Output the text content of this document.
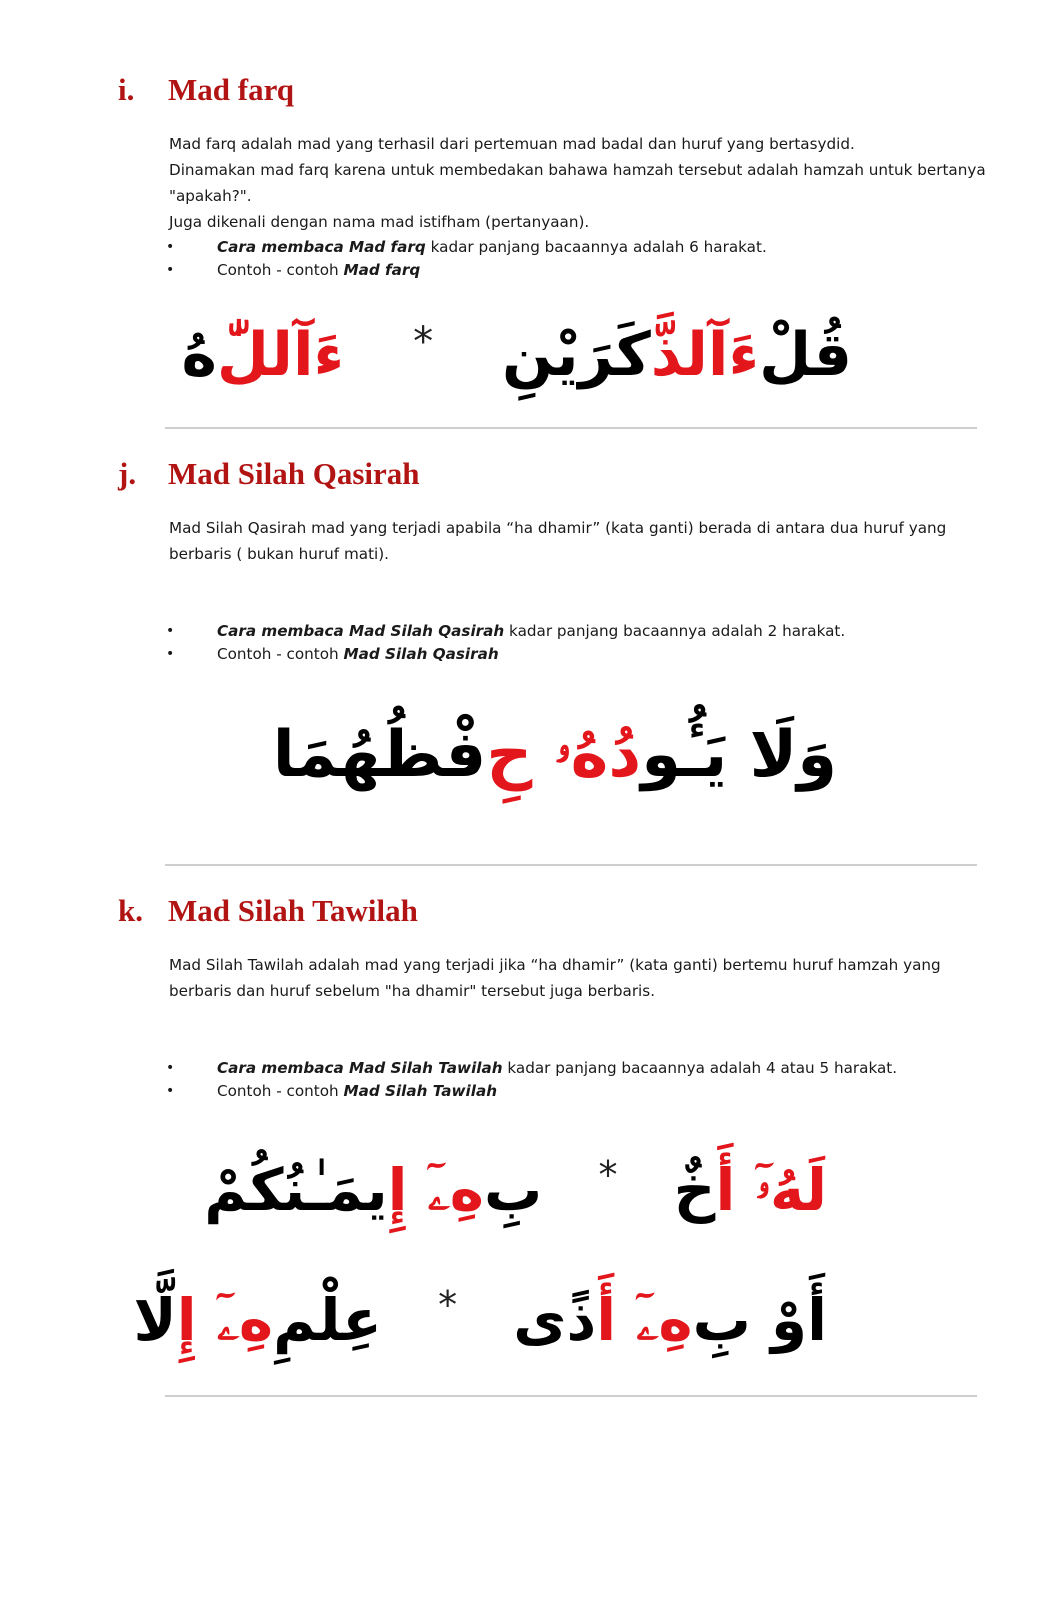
i.	Mad farq

Mad farq adalah mad yang terhasil dari pertemuan mad badal dan huruf yang bertasydid.

Dinamakan mad farq karena untuk membedakan bahawa hamzah tersebut adalah hamzah untuk bertanya "apakah?".

Juga dikenali dengan nama mad istifham (pertanyaan).

• Cara membaca Mad farq kadar panjang bacaannya adalah 6 harakat.
• Contoh - contoh Mad farq
قُلْءَآلذَّكَرَيْنِ * ءَآللّٰهُ
j.	Mad Silah Qasirah

Mad Silah Qasirah mad yang terjadi apabila “ha dhamir” (kata ganti) berada di antara dua huruf yang berbaris ( bukan huruf mati).

• Cara membaca Mad Silah Qasirah kadar panjang bacaannya adalah 2 harakat.
• Contoh - contoh Mad Silah Qasirah
وَلَا يَـُٔودُهُۥ حِفْظُهُمَا
k. Mad Silah Tawilah

Mad Silah Tawilah adalah mad yang terjadi jika “ha dhamir” (kata ganti) bertemu huruf hamzah yang berbaris dan huruf sebelum "ha dhamir" tersebut juga berbaris.

• Cara membaca Mad Silah Tawilah kadar panjang bacaannya adalah 4 atau 5 harakat.
• Contoh - contoh Mad Silah Tawilah
لَهُۥٓ أَخٌ * بِهِۦٓ إِيمَـٰنُكُمْ
أَوْ بِهِۦٓ أَذًى * عِلْمِهِۦٓ إِلَّا
